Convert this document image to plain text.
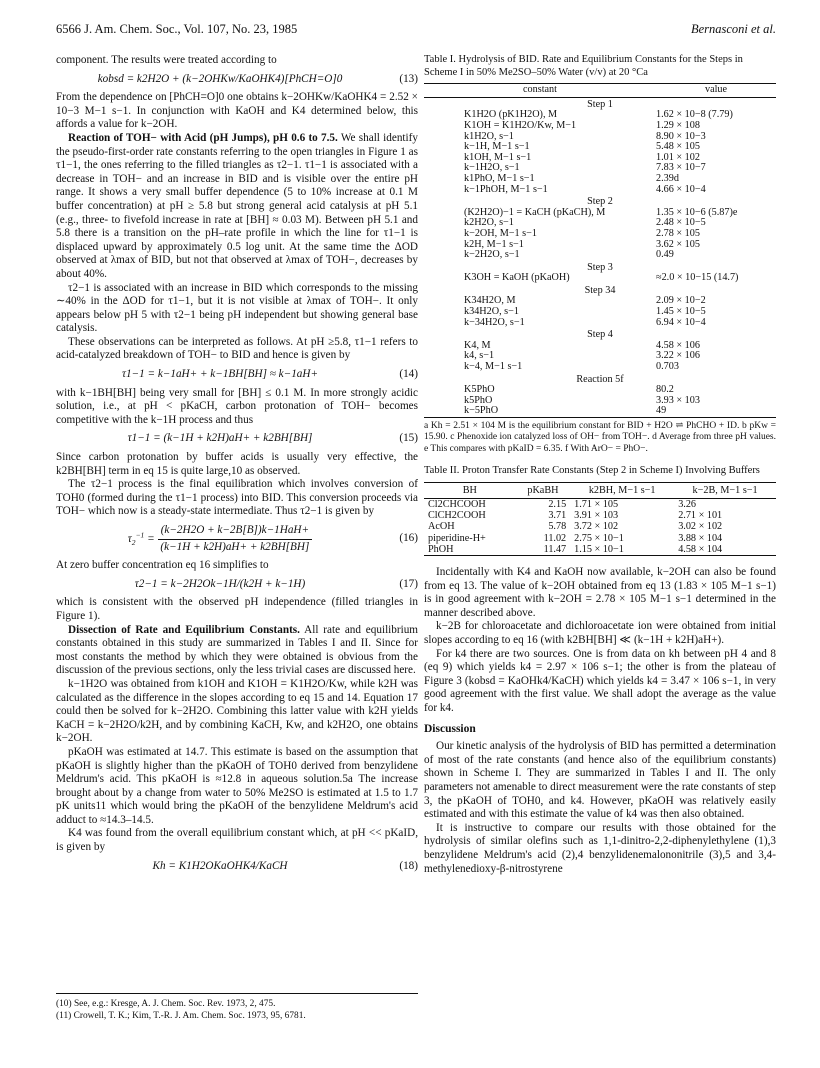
6566 J. Am. Chem. Soc., Vol. 107, No. 23, 1985	Bernasconi et al.

component. The results were treated according to

kobsd = k2H2O + (k−2OHKw/KaOHK4)[PhCH=O]0	(13)

From the dependence on [PhCH=O]0 one obtains k−2OHKw/KaOHK4 = 2.52 × 10−3 M−1 s−1. In conjunction with KaOH and K4 determined below, this affords a value for k−2OH.

Reaction of TOH− with Acid (pH Jumps), pH 0.6 to 7.5. We shall identify the pseudo-first-order rate constants referring to the open triangles in Figure 1 as τ1−1, the ones referring to the filled triangles as τ2−1. τ1−1 is associated with a decrease in TOH− and an increase in BID and is visible over the entire pH range. It shows a very small buffer dependence (5 to 10% increase at 0.1 M buffer concentration) at pH ≥ 5.8 but strong general acid catalysis at pH 5.1 (e.g., three- to fivefold increase in rate at [BH] ≈ 0.03 M). Between pH 5.1 and 5.8 there is a transition on the pH–rate profile in which the line for τ1−1 is displaced upward by approximately 0.5 log unit. At the same time the ΔOD observed at λmax of BID, but not that observed at λmax of TOH−, decreases by about 40%.

τ2−1 is associated with an increase in BID which corresponds to the missing ∼40% in the ΔOD for τ1−1, but it is not visible at λmax of TOH−. It only appears below pH 5 with τ2−1 being pH independent but showing general base catalysis.

These observations can be interpreted as follows. At pH ≥5.8, τ1−1 refers to acid-catalyzed breakdown of TOH− to BID and hence is given by

τ1−1 = k−1aH+ + k−1BH[BH] ≈ k−1aH+	(14)

with k−1BH[BH] being very small for [BH] ≤ 0.1 M. In more strongly acidic solution, i.e., at pH < pKaCH, carbon protonation of TOH− becomes competitive with the k−1H process and thus

τ1−1 = (k−1H + k2H)aH+ + k2BH[BH]	(15)

Since carbon protonation by buffer acids is usually very effective, the k2BH[BH] term in eq 15 is quite large,10 as observed.

The τ2−1 process is the final equilibration which involves conversion of TOH0 (formed during the τ1−1 process) into BID. This conversion proceeds via TOH− which now is a steady-state intermediate. Thus τ2−1 is given by

$\tau_2^{-1} = \frac{\text{(k−2H2O + k−2B[B])k−1HaH+}}{(k-1H + k2H)aH+ + k2BH[BH]}$	(16)

At zero buffer concentration eq 16 simplifies to

τ2−1 = k−2H2Ok−1H/(k2H + k−1H)	(17)

which is consistent with the observed pH independence (filled triangles in Figure 1).

Dissection of Rate and Equilibrium Constants. All rate and equilibrium constants obtained in this study are summarized in Tables I and II. Since for most constants the method by which they were obtained is obvious from the discussion of the previous sections, only the less trivial cases are discussed here.

k−1H2O was obtained from k1OH and K1OH = K1H2O/Kw, while k2H was calculated as the difference in the slopes according to eq 15 and 14. Equation 17 could then be solved for k−2H2O. Combining this latter value with k2H yields KaCH = k−2H2O/k2H, and by combining KaCH, Kw, and k2H2O, one obtains k−2OH.

pKaOH was estimated at 14.7. This estimate is based on the assumption that pKaOH is slightly higher than the pKaOH of TOH0 derived from benzylidene Meldrum's acid. This pKaOH is ≈12.8 in aqueous solution.5a The increase brought about by a change from water to 50% Me2SO is estimated at 1.5 to 1.7 pK units11 which would bring the pKaOH of the benzylidene Meldrum's acid adduct to ≈14.3–14.5.

K4 was found from the overall equilibrium constant which, at pH << pKaID, is given by

Kh = K1H2OKaOHK4/KaCH	(18)
(10) See, e.g.: Kresge, A. J. Chem. Soc. Rev. 1973, 2, 475.
(11) Crowell, T. K.; Kim, T.-R. J. Am. Chem. Soc. 1973, 95, 6781.
Table I. Hydrolysis of BID. Rate and Equilibrium Constants for the Steps in Scheme I in 50% Me2SO–50% Water (v/v) at 20 °Ca
constant	value
Step 1	
K1H2O (pK1H2O), M	1.62 × 10−8 (7.79)
K1OH = K1H2O/Kw, M−1	1.29 × 108
k1H2O, s−1	8.90 × 10−3
k−1H, M−1 s−1	5.48 × 105
k1OH, M−1 s−1	1.01 × 102
k−1H2O, s−1	7.83 × 10−7
k1PhO, M−1 s−1	2.39d
k−1PhOH, M−1 s−1	4.66 × 10−4
Step 2	
(K2H2O)−1 = KaCH (pKaCH), M	1.35 × 10−6 (5.87)e
k2H2O, s−1	2.48 × 10−5
k−2OH, M−1 s−1	2.78 × 105
k2H, M−1 s−1	3.62 × 105
k−2H2O, s−1	0.49
Step 3	
K3OH = KaOH (pKaOH)	≈2.0 × 10−15 (14.7)
Step 34	
K34H2O, M	2.09 × 10−2
k34H2O, s−1	1.45 × 10−5
k−34H2O, s−1	6.94 × 10−4
Step 4	
K4, M	4.58 × 106
k4, s−1	3.22 × 106
k−4, M−1 s−1	0.703
Reaction 5f	
K5PhO	80.2
k5PhO	3.93 × 103
k−5PhO	49
a Kh = 2.51 × 104 M is the equilibrium constant for BID + H2O ⇌ PhCHO + ID. b pKw = 15.90. c Phenoxide ion catalyzed loss of OH− from TOH−. d Average from three pH values. e This compares with pKaID = 6.35. f With ArO− = PhO−.
Table II. Proton Transfer Rate Constants (Step 2 in Scheme I) Involving Buffers
BH	pKaBH	k2BH, M−1 s−1	k−2B, M−1 s−1
Cl2CHCOOH	2.15	1.71 × 105	3.26
ClCH2COOH	3.71	3.91 × 103	2.71 × 101
AcOH	5.78	3.72 × 102	3.02 × 102
piperidine-H+	11.02	2.75 × 10−1	3.88 × 104
PhOH	11.47	1.15 × 10−1	4.58 × 104

Incidentally with K4 and KaOH now available, k−2OH can also be found from eq 13. The value of k−2OH obtained from eq 13 (1.83 × 105 M−1 s−1) is in good agreement with k−2OH = 2.78 × 105 M−1 s−1 determined in the manner described above.

k−2B for chloroacetate and dichloroacetate ion were obtained from initial slopes according to eq 16 (with k2BH[BH] ≪ (k−1H + k2H)aH+).

For k4 there are two sources. One is from data on kh between pH 4 and 8 (eq 9) which yields k4 = 2.97 × 106 s−1; the other is from the plateau of Figure 3 (kobsd = KaOHk4/KaCH) which yields k4 = 3.47 × 106 s−1, in very good agreement with the first value. We shall adopt the average as the value for k4.

Discussion

Our kinetic analysis of the hydrolysis of BID has permitted a determination of most of the rate constants (and hence also of the equilibrium constants) shown in Scheme I. They are summarized in Tables I and II. The only parameters not amenable to direct measurement were the rate constants of step 3, the pKaOH of TOH0, and k4. However, pKaOH was relatively easily estimated and with this estimate the value of k4 was then also obtained.

It is instructive to compare our results with those obtained for the hydrolysis of similar olefins such as 1,1-dinitro-2,2-diphenylethylene (1),3 benzylidene Meldrum's acid (2),4 benzylidenemalononitrile (3),5 and 3,4-methylenedioxy-β-nitrostyrene
